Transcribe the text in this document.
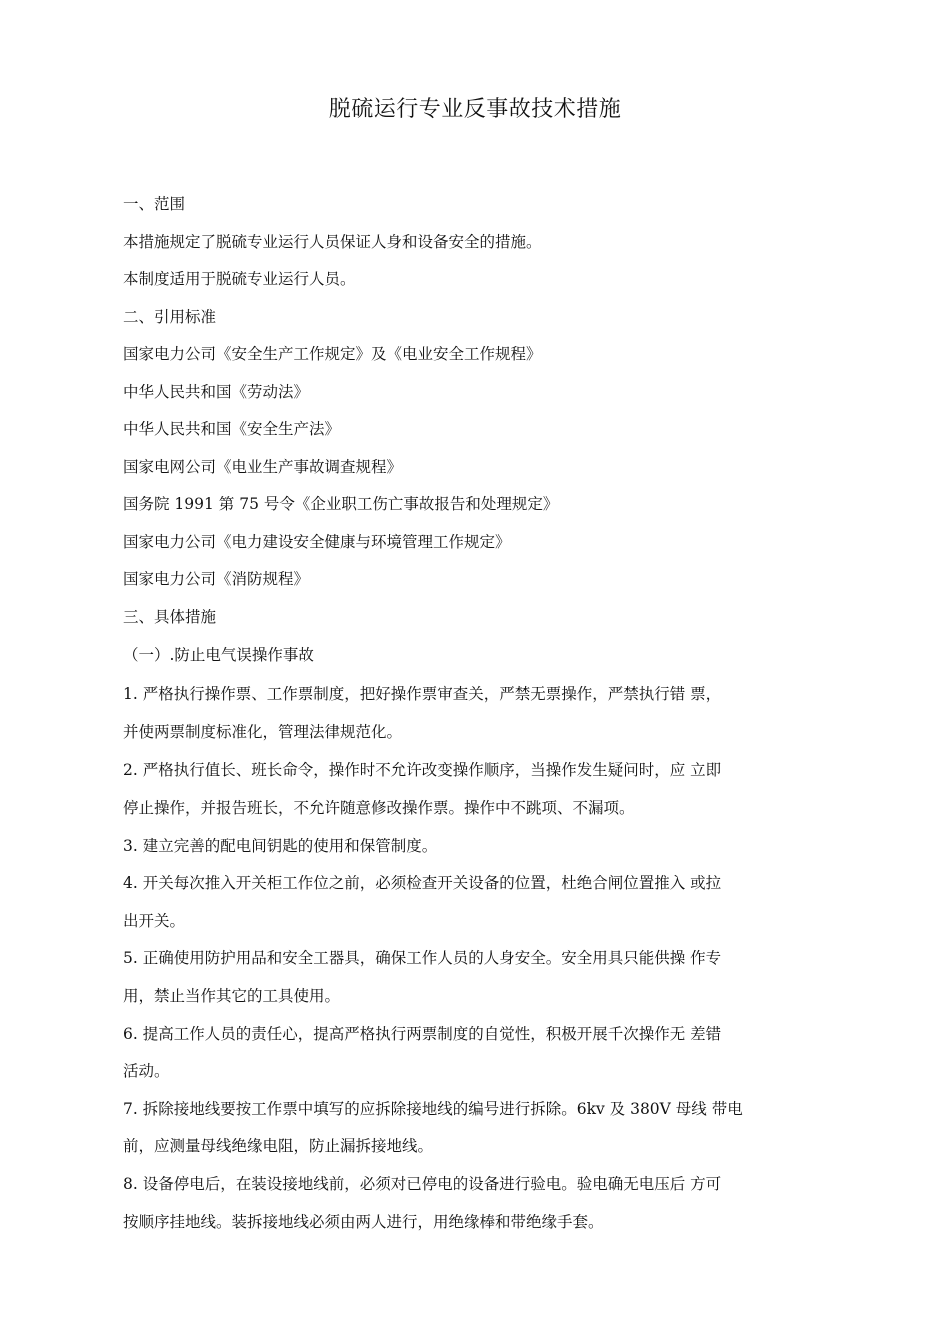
脱硫运行专业反事故技术措施
一、范围
本措施规定了脱硫专业运行人员保证人身和设备安全的措施。
本制度适用于脱硫专业运行人员。
二、引用标准
国家电力公司《安全生产工作规定》及《电业安全工作规程》
中华人民共和国《劳动法》
中华人民共和国《安全生产法》
国家电网公司《电业生产事故调查规程》
国务院 1991 第 75 号令《企业职工伤亡事故报告和处理规定》
国家电力公司《电力建设安全健康与环境管理工作规定》
国家电力公司《消防规程》
三、具体措施
（一）.防止电气误操作事故
1. 严格执行操作票、工作票制度，把好操作票审查关，严禁无票操作，严禁执行错 票，
并使两票制度标准化，管理法律规范化。
2. 严格执行值长、班长命令，操作时不允许改变操作顺序，当操作发生疑问时，应 立即
停止操作，并报告班长，不允许随意修改操作票。操作中不跳项、不漏项。
3. 建立完善的配电间钥匙的使用和保管制度。
4. 开关每次推入开关柜工作位之前，必须检查开关设备的位置，杜绝合闸位置推入 或拉
出开关。
5. 正确使用防护用品和安全工器具，确保工作人员的人身安全。安全用具只能供操 作专
用，禁止当作其它的工具使用。
6. 提高工作人员的责任心，提高严格执行两票制度的自觉性，积极开展千次操作无 差错
活动。
7. 拆除接地线要按工作票中填写的应拆除接地线的编号进行拆除。6kv 及 380V 母线 带电
前，应测量母线绝缘电阻，防止漏拆接地线。
8. 设备停电后，在装设接地线前，必须对已停电的设备进行验电。验电确无电压后 方可
按顺序挂地线。装拆接地线必须由两人进行，用绝缘棒和带绝缘手套。
